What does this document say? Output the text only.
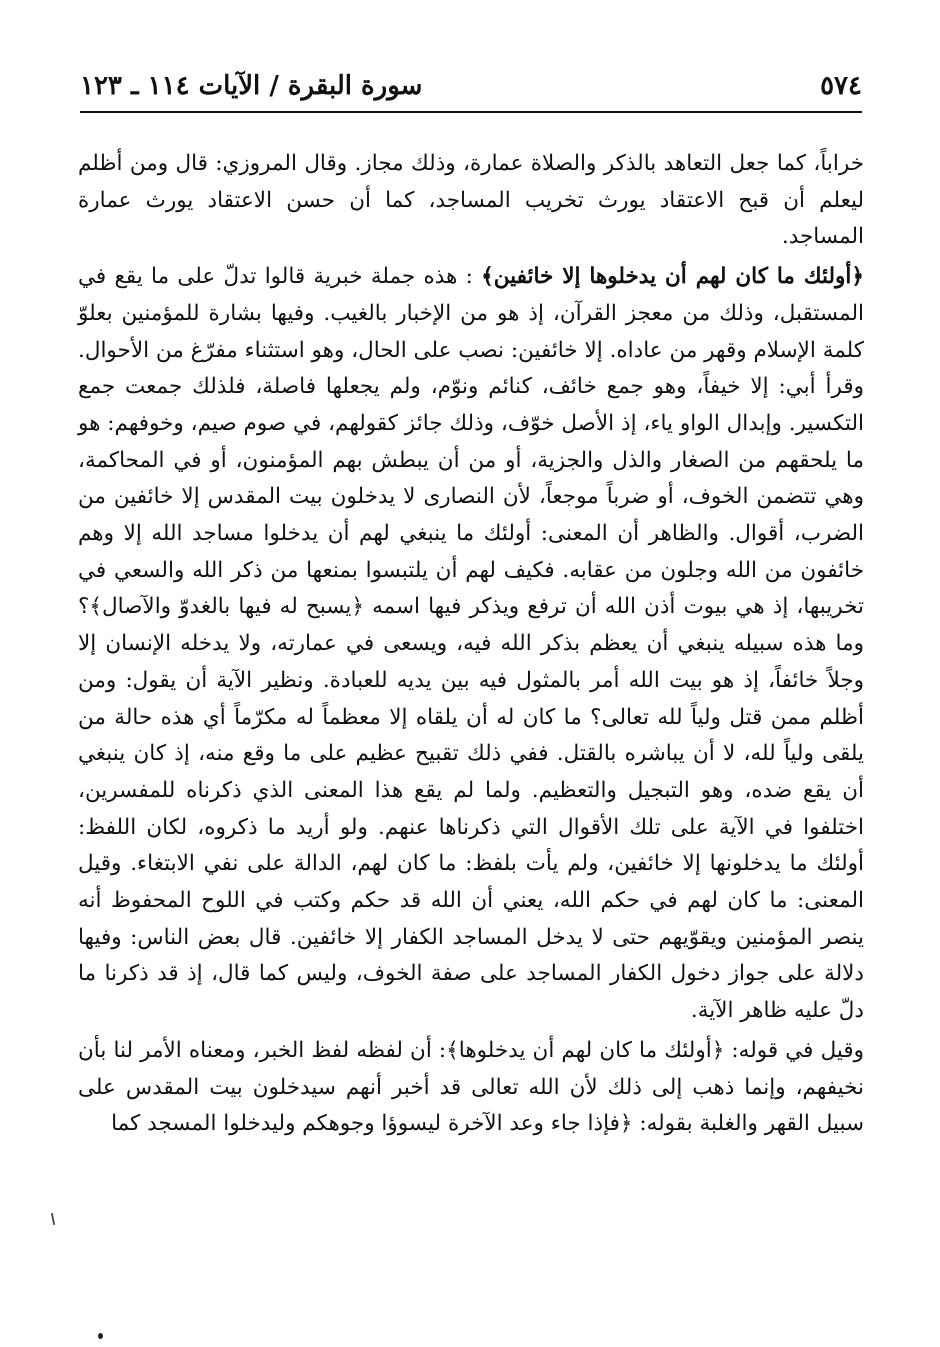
٥٧٤
سورة البقرة / الآيات ١١٤ ـ ١٢٣

خراباً، كما جعل التعاهد بالذكر والصلاة عمارة، وذلك مجاز. وقال المروزي: قال ومن أظلم ليعلم أن قبح الاعتقاد يورث تخريب المساجد، كما أن حسن الاعتقاد يورث عمارة المساجد.

﴿أولئك ما كان لهم أن يدخلوها إلا خائفين﴾ : هذه جملة خبرية قالوا تدلّ على ما يقع في المستقبل، وذلك من معجز القرآن، إذ هو من الإخبار بالغيب. وفيها بشارة للمؤمنين بعلوّ كلمة الإسلام وقهر من عاداه. إلا خائفين: نصب على الحال، وهو استثناء مفرّغ من الأحوال. وقرأ أبي: إلا خيفاً، وهو جمع خائف، كنائم ونوّم، ولم يجعلها فاصلة، فلذلك جمعت جمع التكسير. وإبدال الواو ياء، إذ الأصل خوّف، وذلك جائز كقولهم، في صوم صيم، وخوفهم: هو ما يلحقهم من الصغار والذل والجزية، أو من أن يبطش بهم المؤمنون، أو في المحاكمة، وهي تتضمن الخوف، أو ضرباً موجعاً، لأن النصارى لا يدخلون بيت المقدس إلا خائفين من الضرب، أقوال. والظاهر أن المعنى: أولئك ما ينبغي لهم أن يدخلوا مساجد الله إلا وهم خائفون من الله وجلون من عقابه. فكيف لهم أن يلتبسوا بمنعها من ذكر الله والسعي في تخريبها، إذ هي بيوت أذن الله أن ترفع ويذكر فيها اسمه ﴿يسبح له فيها بالغدوّ والآصال﴾؟ وما هذه سبيله ينبغي أن يعظم بذكر الله فيه، ويسعى في عمارته، ولا يدخله الإنسان إلا وجلاً خائفاً، إذ هو بيت الله أمر بالمثول فيه بين يديه للعبادة. ونظير الآية أن يقول: ومن أظلم ممن قتل ولياً لله تعالى؟ ما كان له أن يلقاه إلا معظماً له مكرّماً أي هذه حالة من يلقى ولياً لله، لا أن يباشره بالقتل. ففي ذلك تقبيح عظيم على ما وقع منه، إذ كان ينبغي أن يقع ضده، وهو التبجيل والتعظيم. ولما لم يقع هذا المعنى الذي ذكرناه للمفسرين، اختلفوا في الآية على تلك الأقوال التي ذكرناها عنهم. ولو أريد ما ذكروه، لكان اللفظ: أولئك ما يدخلونها إلا خائفين، ولم يأت بلفظ: ما كان لهم، الدالة على نفي الابتغاء. وقيل المعنى: ما كان لهم في حكم الله، يعني أن الله قد حكم وكتب في اللوح المحفوظ أنه ينصر المؤمنين ويقوّيهم حتى لا يدخل المساجد الكفار إلا خائفين. قال بعض الناس: وفيها دلالة على جواز دخول الكفار المساجد على صفة الخوف، وليس كما قال، إذ قد ذكرنا ما دلّ عليه ظاهر الآية.

وقيل في قوله: ﴿أولئك ما كان لهم أن يدخلوها﴾: أن لفظه لفظ الخبر، ومعناه الأمر لنا بأن نخيفهم، وإنما ذهب إلى ذلك لأن الله تعالى قد أخبر أنهم سيدخلون بيت المقدس على سبيل القهر والغلبة بقوله: ﴿فإذا جاء وعد الآخرة ليسوؤا وجوهكم وليدخلوا المسجد كما
